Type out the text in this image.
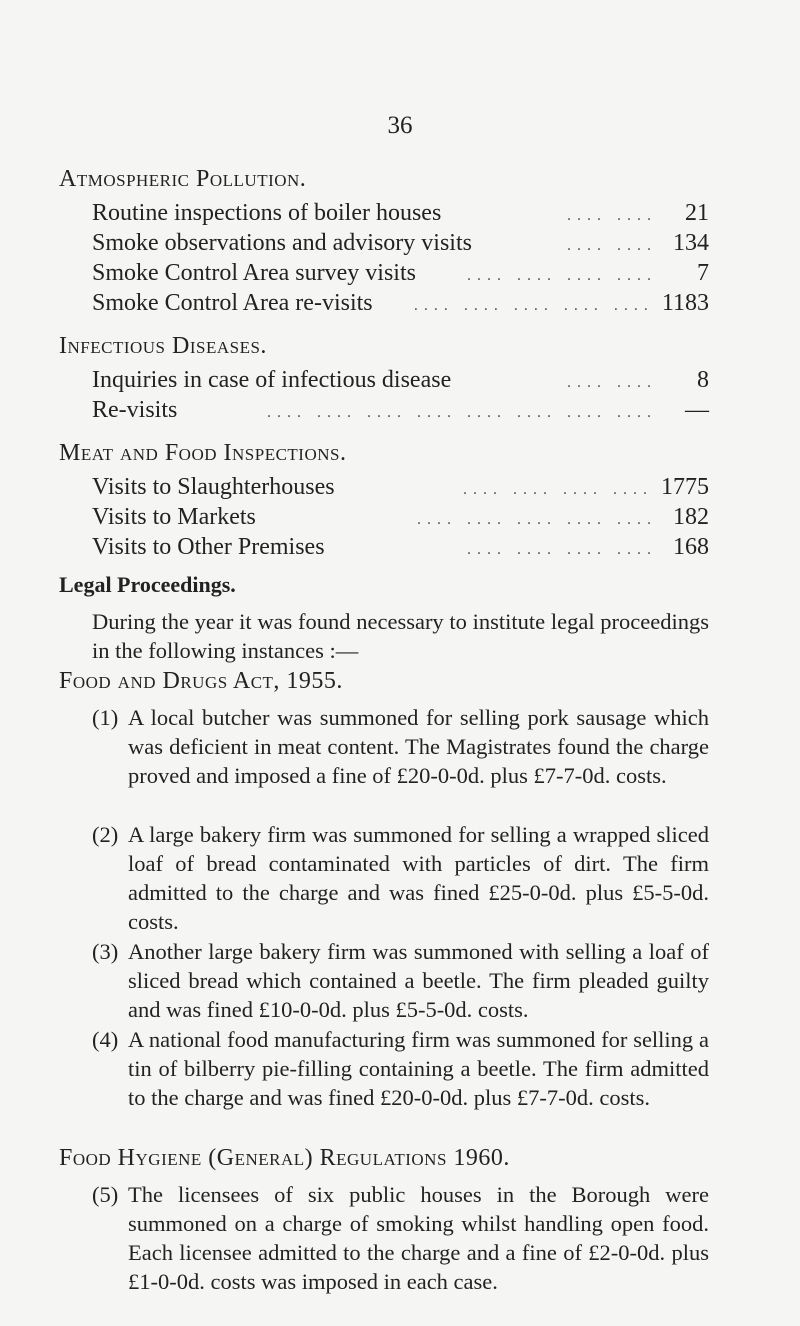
36
Atmospheric Pollution.
Routine inspections of boiler houses	.... ....	21
Smoke observations and advisory visits	.... .... 134
Smoke Control Area survey visits	.... .... .... ....	7
Smoke Control Area re-visits	.... .... .... .... .... 1183
Infectious Diseases.
Inquiries in case of infectious disease	.... ....	8
Re-visits	.... .... .... .... .... .... .... ....	—
Meat and Food Inspections.
Visits to Slaughterhouses	.... .... .... .... 1775
Visits to Markets	.... .... .... .... .... 182
Visits to Other Premises	.... .... .... .... 168
Legal Proceedings.
During the year it was found necessary to institute legal proceedings in the following instances :—
Food and Drugs Act, 1955.
(1) A local butcher was summoned for selling pork sausage which was deficient in meat content. The Magistrates found the charge proved and imposed a fine of £20-0-0d. plus £7-7-0d. costs.
(2) A large bakery firm was summoned for selling a wrapped sliced loaf of bread contaminated with particles of dirt. The firm admitted to the charge and was fined £25-0-0d. plus £5-5-0d. costs.
(3) Another large bakery firm was summoned with selling a loaf of sliced bread which contained a beetle. The firm pleaded guilty and was fined £10-0-0d. plus £5-5-0d. costs.
(4) A national food manufacturing firm was summoned for selling a tin of bilberry pie-filling containing a beetle. The firm admitted to the charge and was fined £20-0-0d. plus £7-7-0d. costs.
Food Hygiene (General) Regulations 1960.
(5) The licensees of six public houses in the Borough were summoned on a charge of smoking whilst handling open food. Each licensee admitted to the charge and a fine of £2-0-0d. plus £1-0-0d. costs was imposed in each case.
